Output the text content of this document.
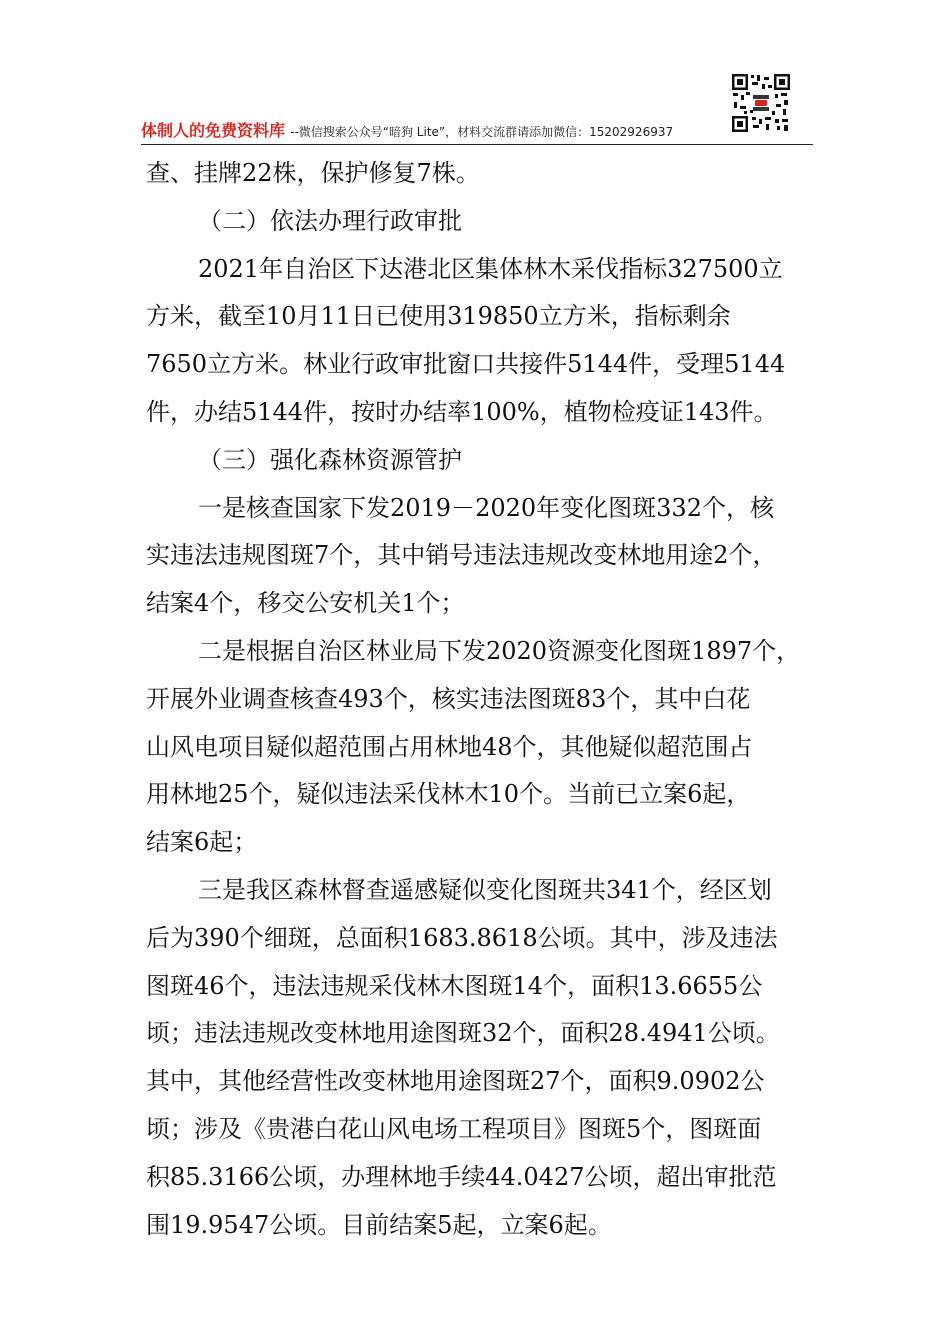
体制人的免费资料库 --微信搜索公众号“暗狗 Lite”，材料交流群请添加微信：15202926937
查、挂牌22株，保护修复7株。
（二）依法办理行政审批
2021年自治区下达港北区集体林木采伐指标327500立
方米，截至10月11日已使用319850立方米，指标剩余
7650立方米。林业行政审批窗口共接件5144件，受理5144
件，办结5144件，按时办结率100%，植物检疫证143件。
（三）强化森林资源管护
一是核查国家下发2019－2020年变化图斑332个，核
实违法违规图斑7个，其中销号违法违规改变林地用途2个，
结案4个，移交公安机关1个；
二是根据自治区林业局下发2020资源变化图斑1897个，
开展外业调查核查493个，核实违法图斑83个，其中白花
山风电项目疑似超范围占用林地48个，其他疑似超范围占
用林地25个，疑似违法采伐林木10个。当前已立案6起，
结案6起；
三是我区森林督查遥感疑似变化图斑共341个，经区划
后为390个细斑，总面积1683.8618公顷。其中，涉及违法
图斑46个，违法违规采伐林木图斑14个，面积13.6655公
顷；违法违规改变林地用途图斑32个，面积28.4941公顷。
其中，其他经营性改变林地用途图斑27个，面积9.0902公
顷；涉及《贵港白花山风电场工程项目》图斑5个，图斑面
积85.3166公顷，办理林地手续44.0427公顷，超出审批范
围19.9547公顷。目前结案5起，立案6起。
